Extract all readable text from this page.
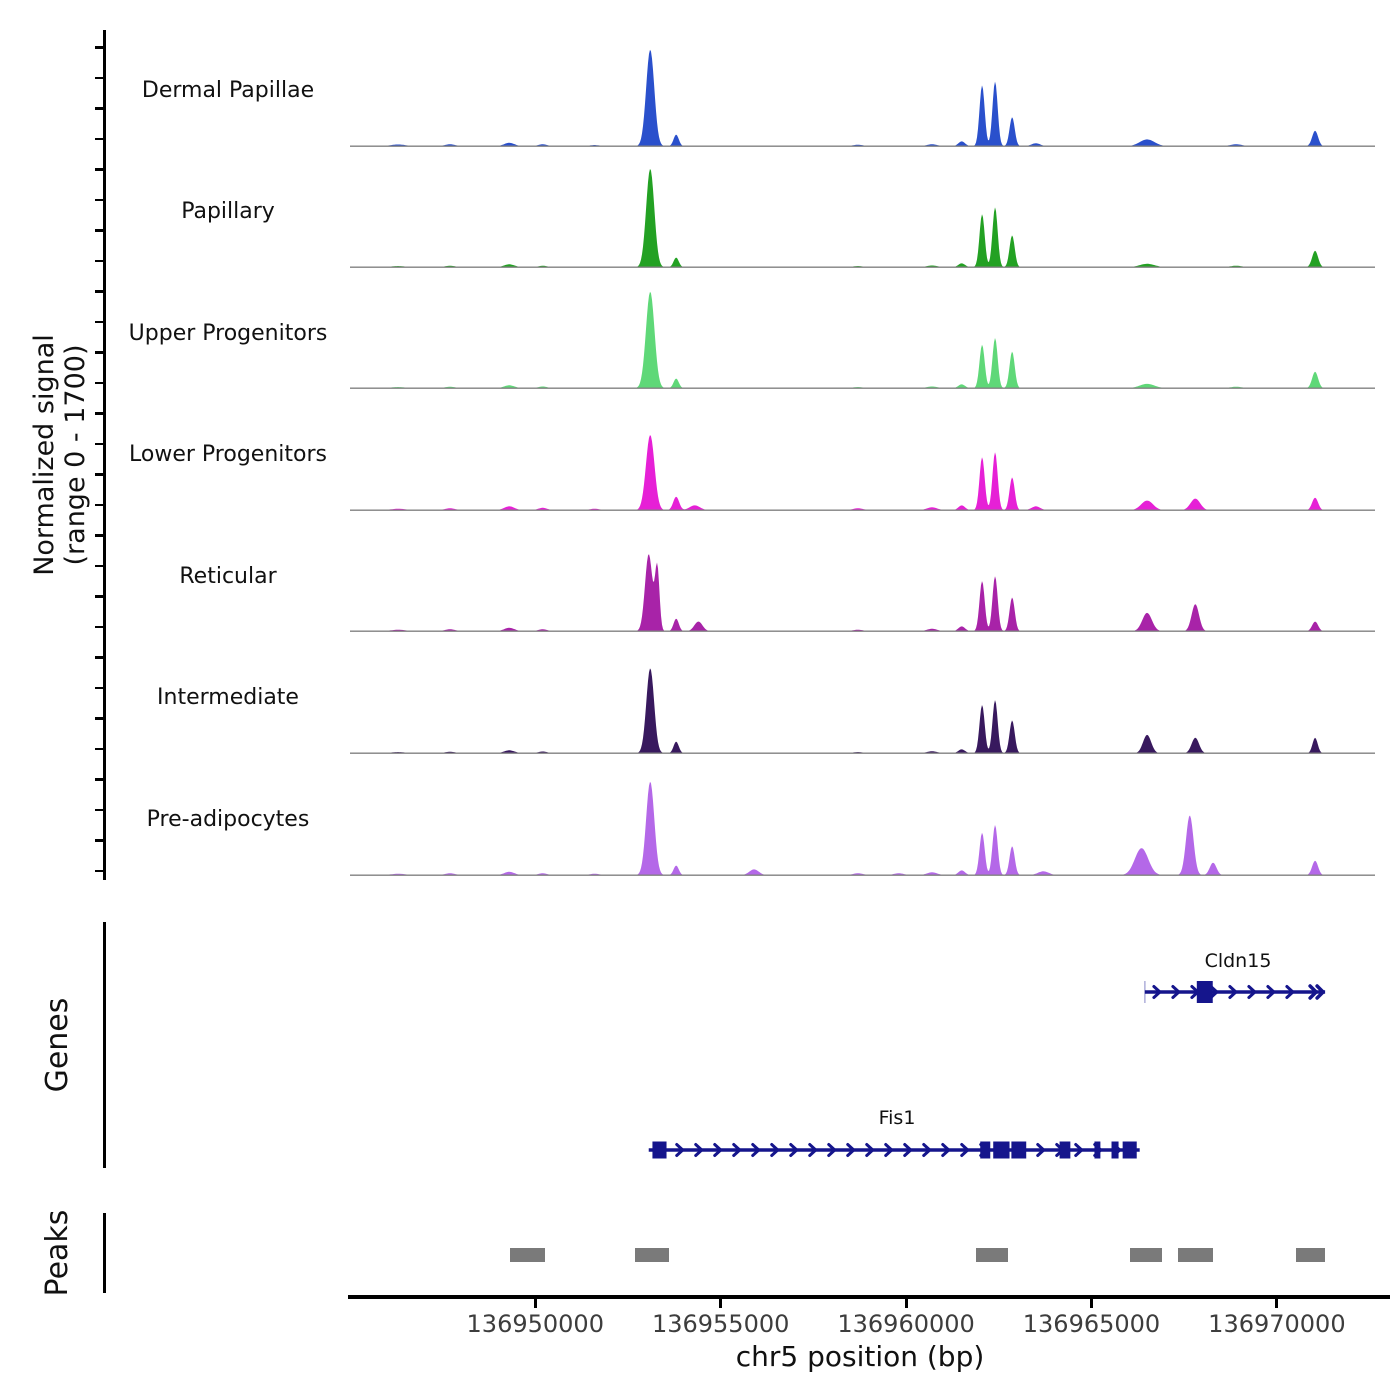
Normalized signal (range 0 - 1700)
Dermal Papillae
Papillary
Upper Progenitors
Lower Progenitors
Reticular
Intermediate
Pre-adipocytes
Genes
Cldn15
Fis1
Peaks
136950000	136955000	136960000	136965000	136970000
chr5 position (bp)
